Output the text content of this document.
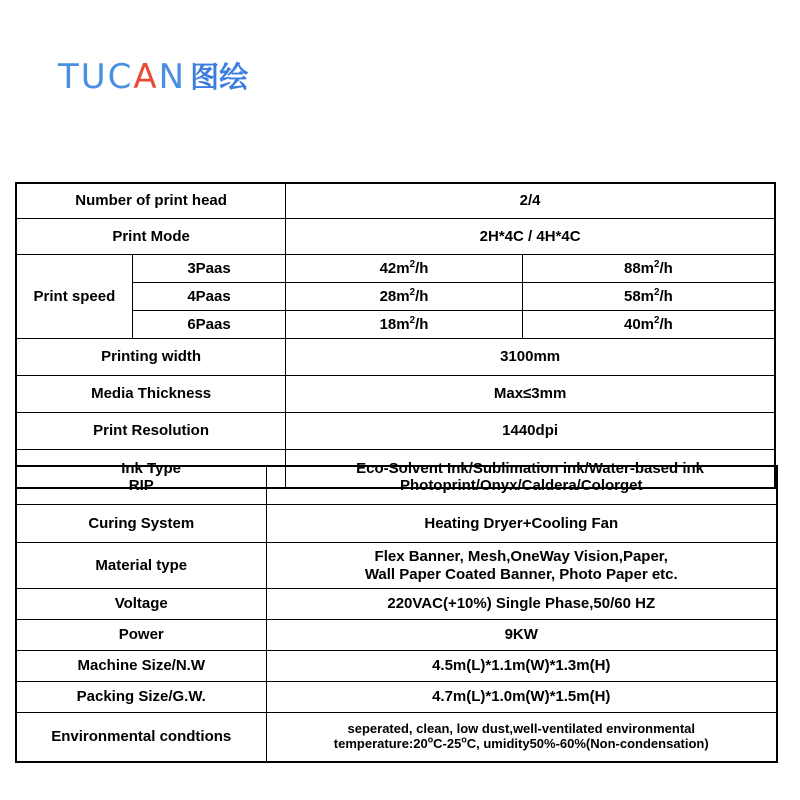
TUC A N 图绘
Number of print head		2/4	
Print Mode		2H*4C / 4H*4C	
Print speed	3Paas	$42m^2/h$	$88m^2/h$
	4Paas	$28m^2/h$	$58m^2/h$
	6Paas	$18m^2/h$	$40m^2/h$
Printing width		3100mm	
Media Thickness		Max≤3mm	
Print Resolution		1440dpi	
Ink Type		Eco-Solvent Ink/Sublimation ink/Water-based ink	
RIP	Photoprint/Onyx/Caldera/Colorget
Curing System	Heating Dryer+Cooling Fan
Material type	Flex Banner, Mesh,OneWay Vision,Paper,
Wall Paper Coated Banner, Photo Paper etc.
Voltage	220VAC(+10%) Single Phase,50/60 HZ
Power	9KW
Machine Size/N.W	4.5m(L)*1.1m(W)*1.3m(H)
Packing Size/G.W.	4.7m(L)*1.0m(W)*1.5m(H)
Environmental condtions	seperated, clean, low dust,well-ventilated environmental
temperature:20$^o$C-25$^o$C, umidity50%-60%(Non-condensation)
